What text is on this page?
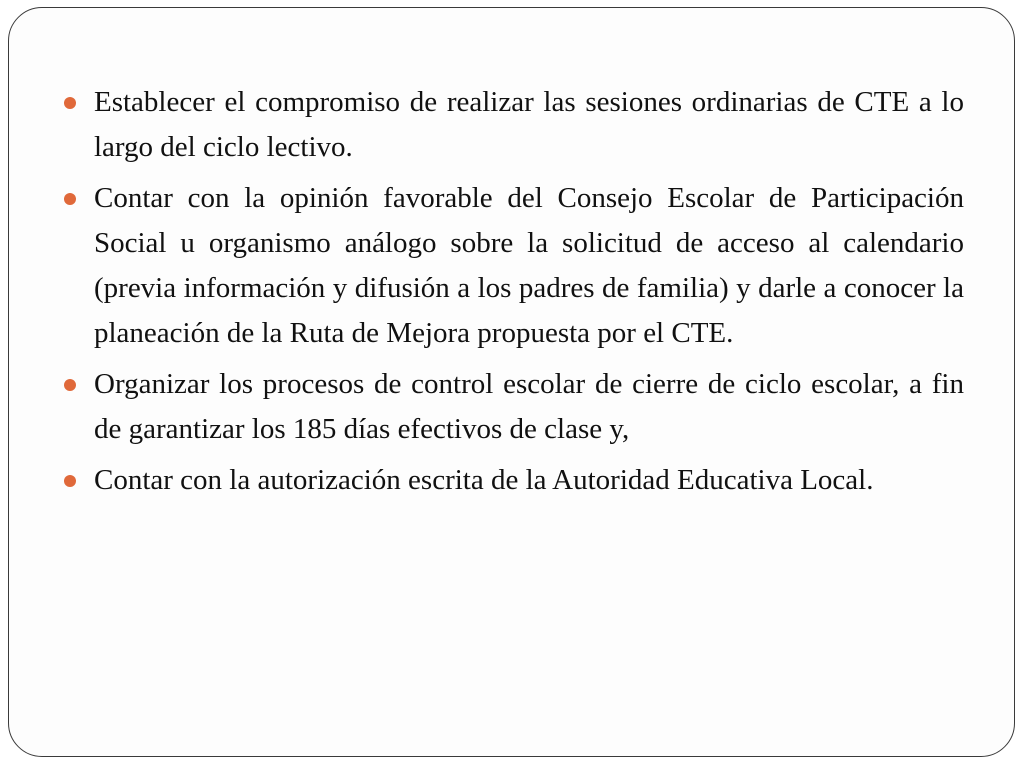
Establecer el compromiso de realizar las sesiones ordinarias de CTE a lo largo del ciclo lectivo.
Contar con la opinión favorable del Consejo Escolar de Participación Social u organismo análogo sobre la solicitud de acceso al calendario (previa información y difusión a los padres de familia) y darle a conocer la planeación de la Ruta de Mejora propuesta por el CTE.
Organizar los procesos de control escolar de cierre de ciclo escolar, a fin de garantizar los 185 días efectivos de clase y,
Contar con la autorización escrita de la Autoridad Educativa Local.
